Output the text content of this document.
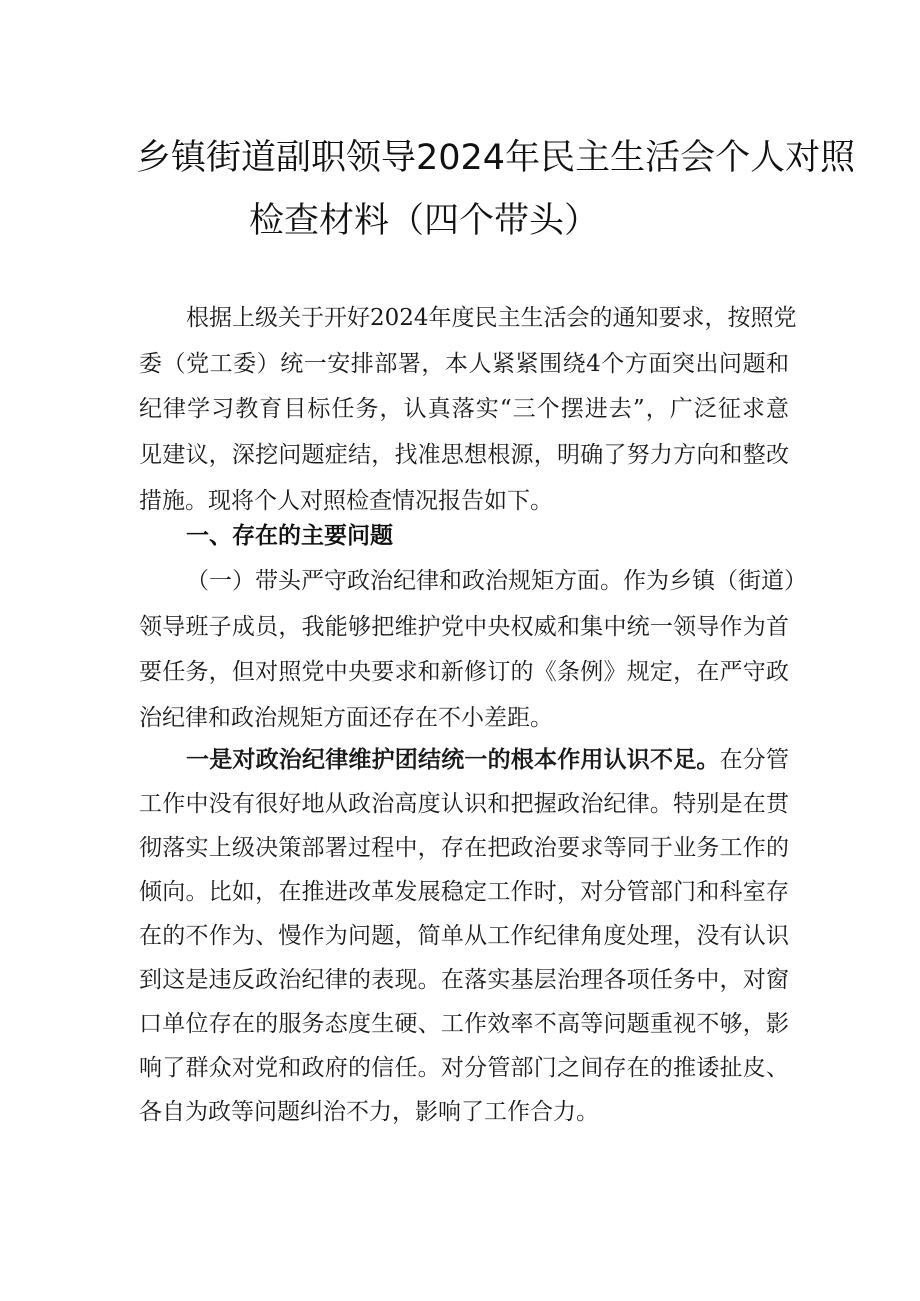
乡镇街道副职领导2024年民主生活会个人对照
检查材料（四个带头）
根据上级关于开好2024年度民主生活会的通知要求，按照党
委（党工委）统一安排部署，本人紧紧围绕4个方面突出问题和
纪律学习教育目标任务，认真落实“三个摆进去”，广泛征求意
见建议，深挖问题症结，找准思想根源，明确了努力方向和整改
措施。现将个人对照检查情况报告如下。
一、存在的主要问题
（一）带头严守政治纪律和政治规矩方面。作为乡镇（街道）
领导班子成员，我能够把维护党中央权威和集中统一领导作为首
要任务，但对照党中央要求和新修订的《条例》规定，在严守政
治纪律和政治规矩方面还存在不小差距。
一是对政治纪律维护团结统一的根本作用认识不足。在分管
工作中没有很好地从政治高度认识和把握政治纪律。特别是在贯
彻落实上级决策部署过程中，存在把政治要求等同于业务工作的
倾向。比如，在推进改革发展稳定工作时，对分管部门和科室存
在的不作为、慢作为问题，简单从工作纪律角度处理，没有认识
到这是违反政治纪律的表现。在落实基层治理各项任务中，对窗
口单位存在的服务态度生硬、工作效率不高等问题重视不够，影
响了群众对党和政府的信任。对分管部门之间存在的推诿扯皮、
各自为政等问题纠治不力，影响了工作合力。
